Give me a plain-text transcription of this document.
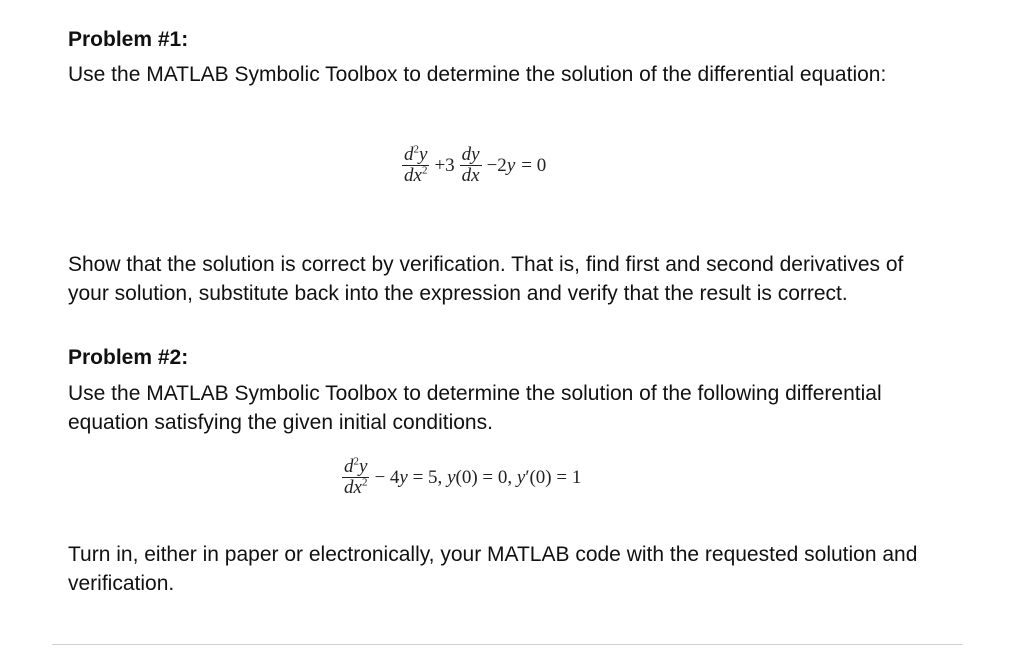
Problem #1:

Use the MATLAB Symbolic Toolbox to determine the solution of the differential equation:

$\frac{d^2y}{dx^2} +3 \frac{dy}{dx} -2y = 0$

Show that the solution is correct by verification. That is, find first and second derivatives of your solution, substitute back into the expression and verify that the result is correct.

Problem #2:

Use the MATLAB Symbolic Toolbox to determine the solution of the following differential equation satisfying the given initial conditions.

$\frac{d^2y}{dx^2} - 4y = 5$, y(0) = 0, y′(0) = 1

Turn in, either in paper or electronically, your MATLAB code with the requested solution and verification.
